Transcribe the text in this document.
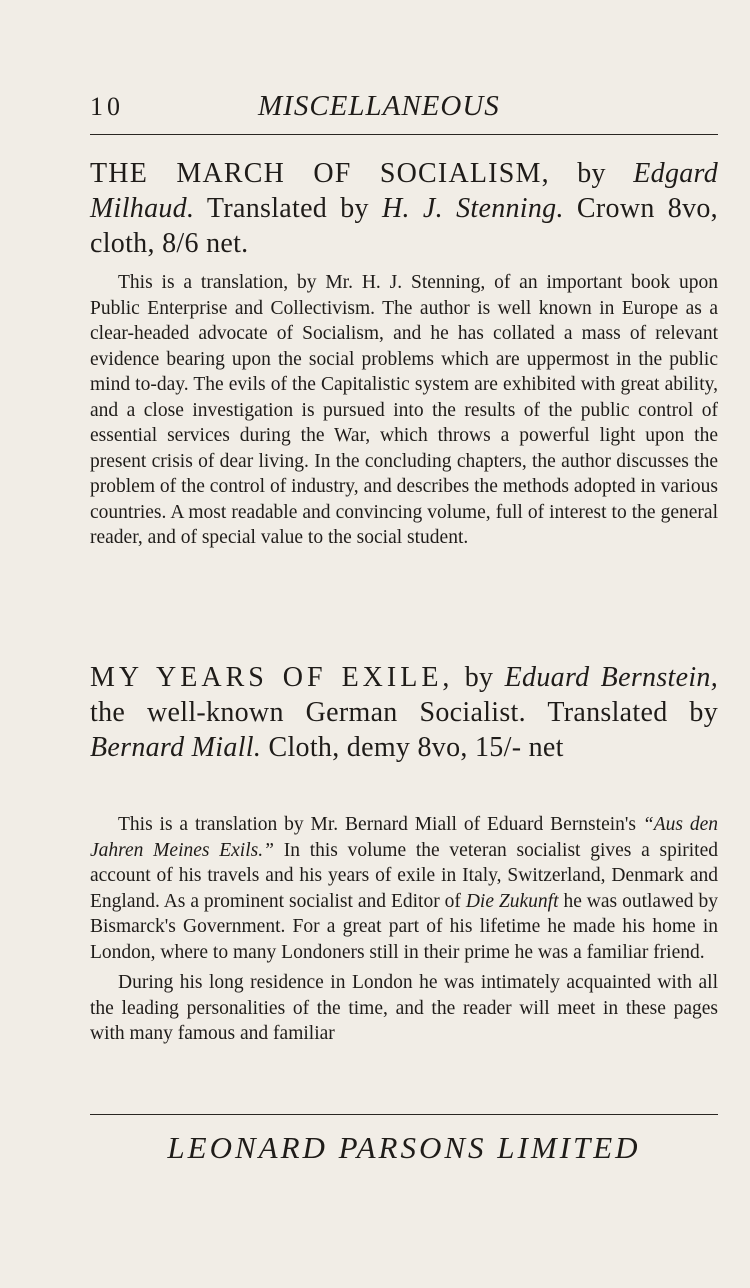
10	MISCELLANEOUS
THE MARCH OF SOCIALISM, by Edgard Milhaud. Translated by H. J. Stenning. Crown 8vo, cloth, 8/6 net.

This is a translation, by Mr. H. J. Stenning, of an important book upon Public Enterprise and Collectivism. The author is well known in Europe as a clear-headed advocate of Socialism, and he has collated a mass of relevant evidence bearing upon the social problems which are uppermost in the public mind to-day. The evils of the Capitalistic system are exhibited with great ability, and a close investigation is pursued into the results of the public control of essential services during the War, which throws a powerful light upon the present crisis of dear living. In the concluding chapters, the author discusses the problem of the control of industry, and describes the methods adopted in various countries. A most readable and convincing volume, full of interest to the general reader, and of special value to the social student.

MY YEARS OF EXILE, by Eduard Bernstein, the well-known German Socialist. Translated by Bernard Miall. Cloth, demy 8vo, 15/- net

This is a translation by Mr. Bernard Miall of Eduard Bernstein's “Aus den Jahren Meines Exils.” In this volume the veteran socialist gives a spirited account of his travels and his years of exile in Italy, Switzerland, Denmark and England. As a prominent socialist and Editor of Die Zukunft he was outlawed by Bismarck's Government. For a great part of his lifetime he made his home in London, where to many Londoners still in their prime he was a familiar friend.

During his long residence in London he was intimately acquainted with all the leading personalities of the time, and the reader will meet in these pages with many famous and familiar

LEONARD PARSONS LIMITED
